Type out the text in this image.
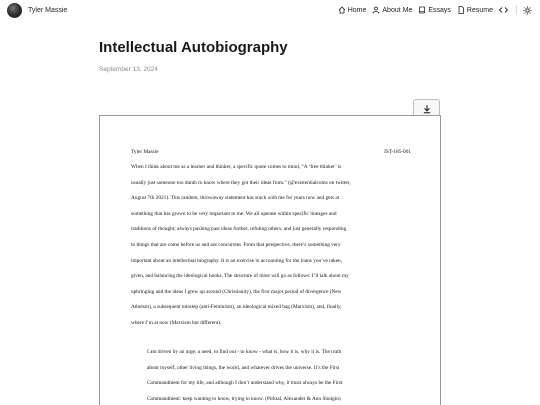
Tyler Massie	Home About Me Essays Resume
Intellectual Autobiography
September 13, 2024
Tyler Massie	IST-185-001
When I think about me as a learner and thinker, a specific quote comes to mind, “A ‘free thinker’ is
usually just someone too dumb to know where they got their ideas from.” (@existentialcoms on twitter,
August 7th 2021). This random, throwaway statement has stuck with me for years now and gets at
something that has grown to be very important to me. We all operate within specific lineages and
traditions of thought; always pushing past ideas further, refuting others, and just generally responding
to things that are come before us and are concurrent. From that perspective, there’s something very
important about an intellectual biography. It is an exercise in accounting for the loans you’ve taken,
given, and balancing the ideological books. The structure of mine will go as follows: I’ll talk about my
upbringing and the ideas I grew up around (Christianity), the first major period of divergence (New
Atheism), a subsequent misstep (anti-Feminism), an ideological mixed bag (Marxism), and, finally,
where I’m at now (Marxism but different).
I am driven by an urge, a need, to find out - to know - what is, how it is, why it is. The truth
about myself, other living things, the world, and whatever drives the universe. It’s the First
Commandment for my life, and although I don’t understand why, it must always be the First
Commandment: keep wanting to know, trying to know. (Pirktal, Alexander & Ann Shulgin)
